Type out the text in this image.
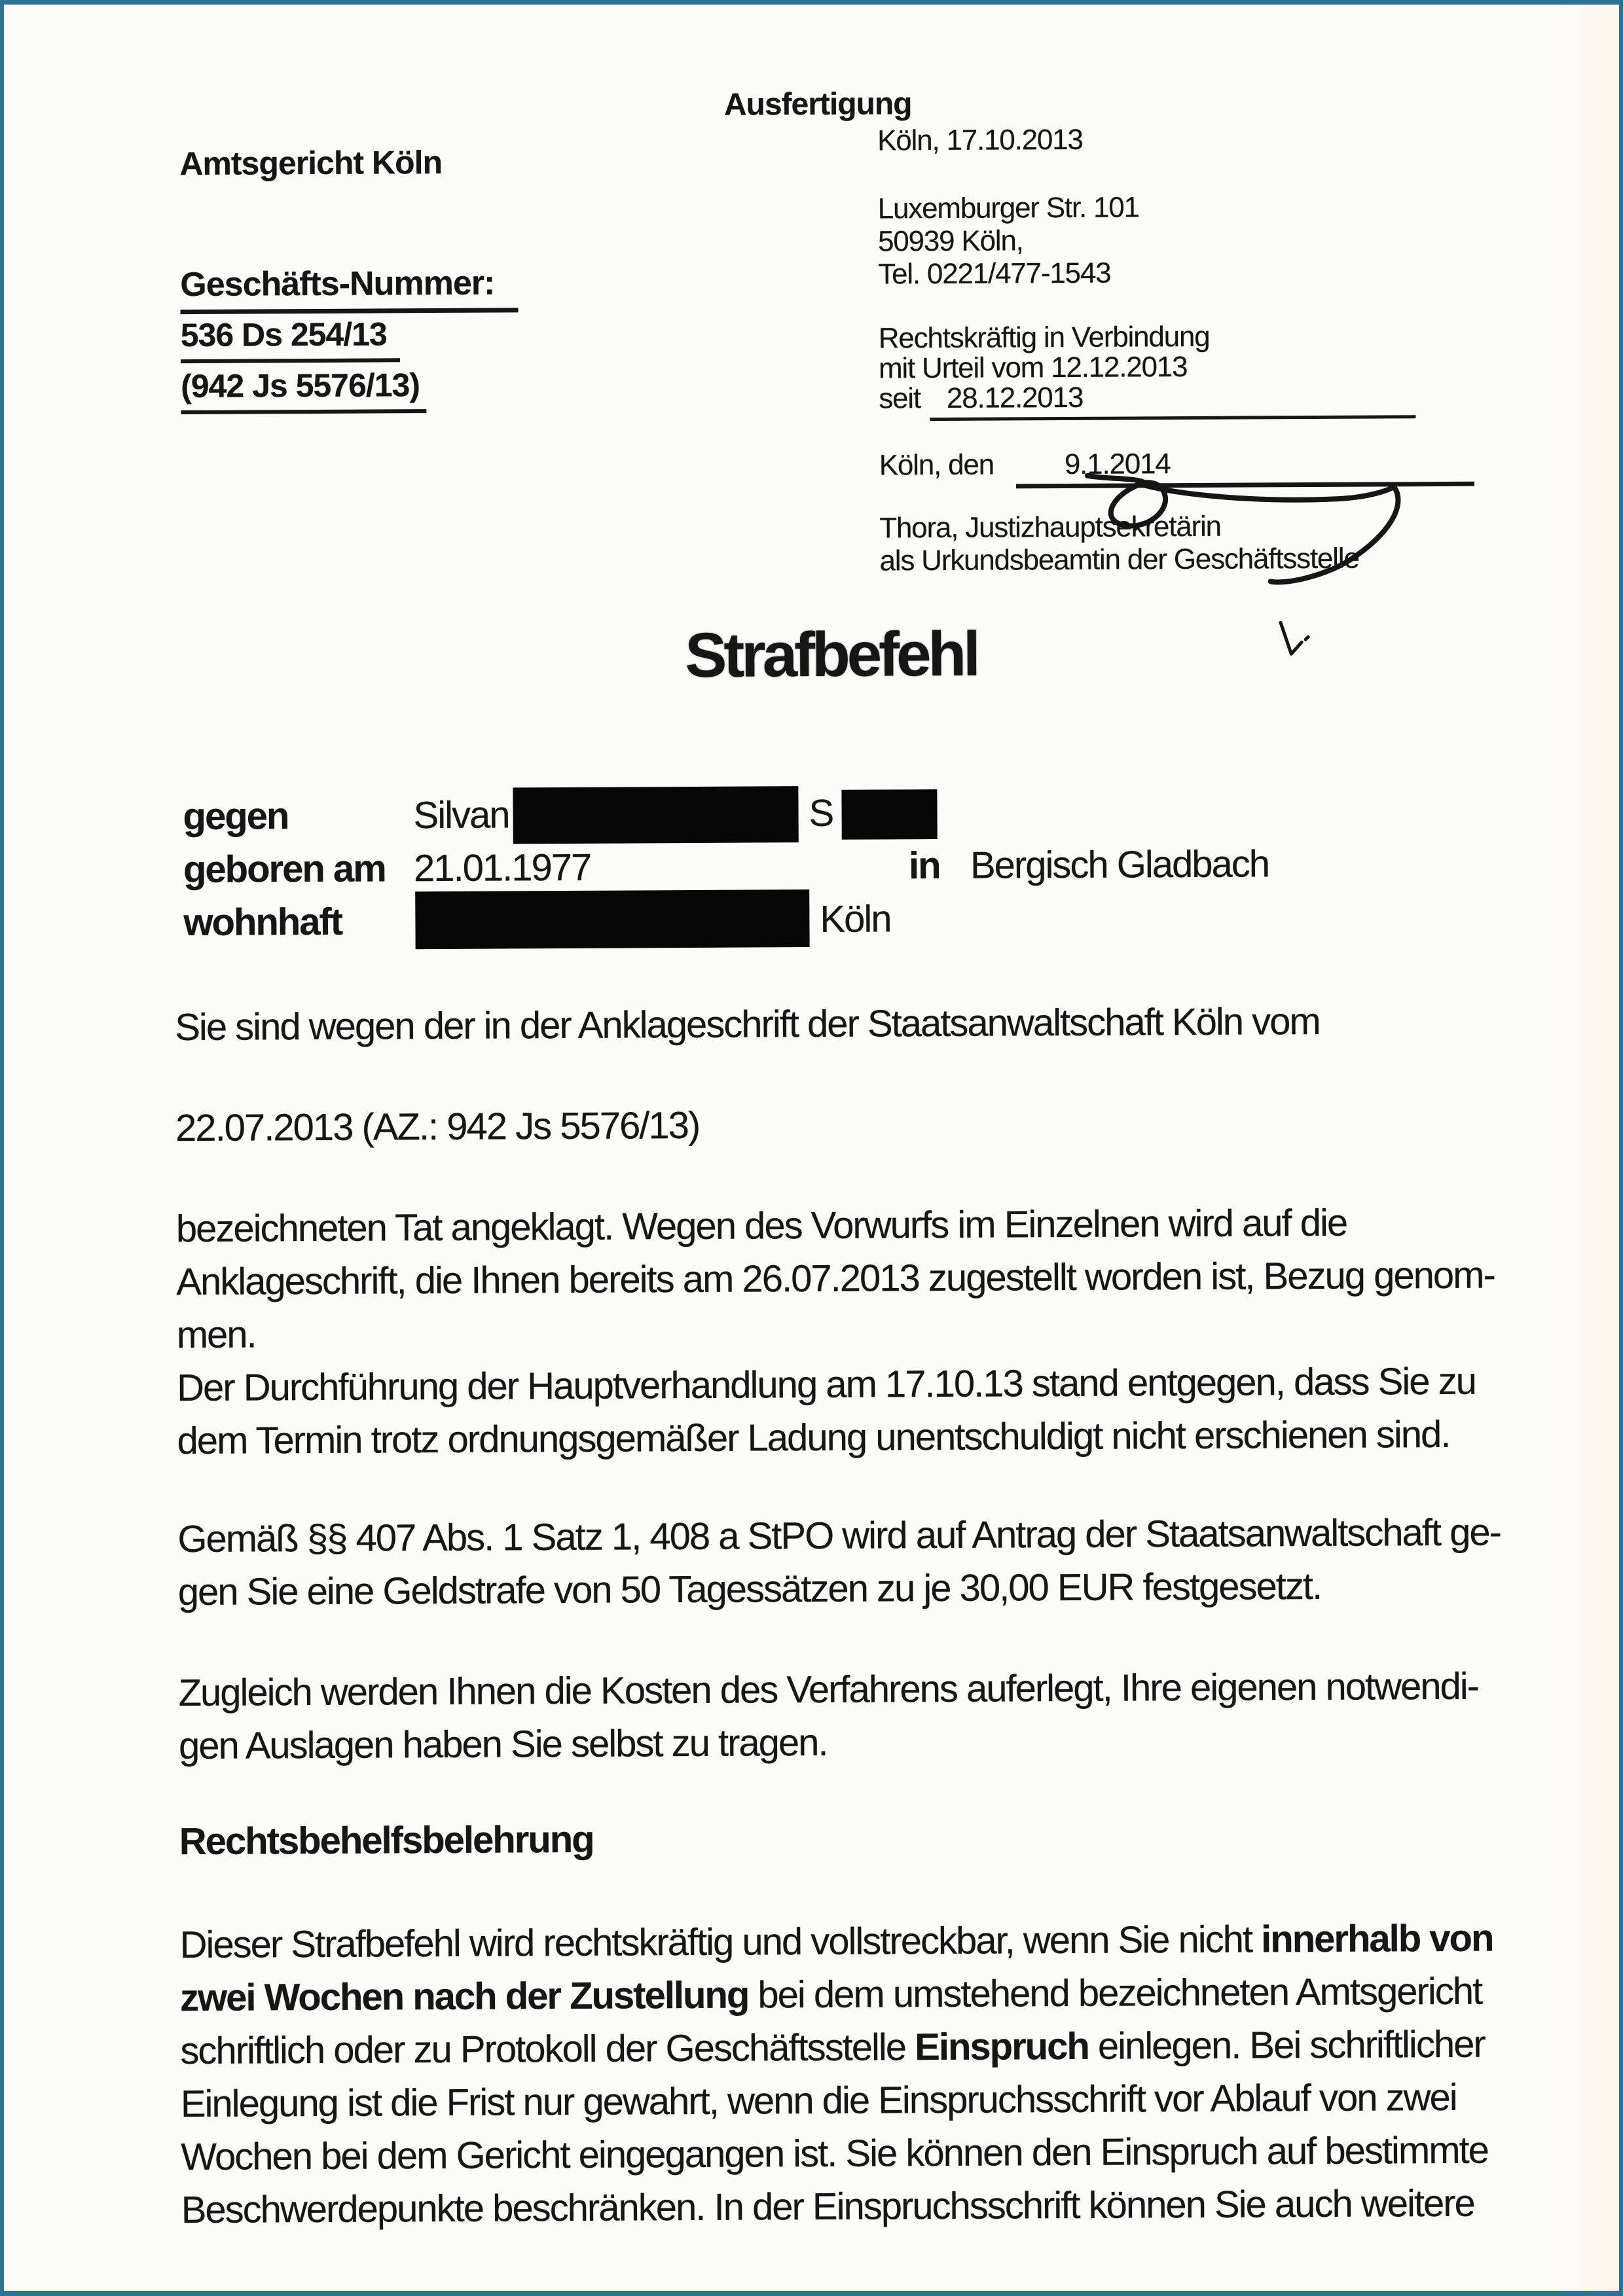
Ausfertigung
Köln, 17.10.2013
Amtsgericht Köln
Luxemburger Str. 101
50939 Köln,
Tel. 0221/477-1543
Geschäfts-Nummer:
536 Ds 254/13
(942 Js 5576/13)
Rechtskräftig in Verbindung
mit Urteil vom 12.12.2013
seit 28.12.2013
Köln, den 9.1.2014
Thora, Justizhauptsekretärin
als Urkundsbeamtin der Geschäftsstelle
Strafbefehl
gegen	Silvan	S
geboren am 21.01.1977	in Bergisch Gladbach
wohnhaft	Köln
Sie sind wegen der in der Anklageschrift der Staatsanwaltschaft Köln vom
22.07.2013 (AZ.: 942 Js 5576/13)
bezeichneten Tat angeklagt. Wegen des Vorwurfs im Einzelnen wird auf die
Anklageschrift, die Ihnen bereits am 26.07.2013 zugestellt worden ist, Bezug genom-
men.
Der Durchführung der Hauptverhandlung am 17.10.13 stand entgegen, dass Sie zu
dem Termin trotz ordnungsgemäßer Ladung unentschuldigt nicht erschienen sind.
Gemäß §§ 407 Abs. 1 Satz 1, 408 a StPO wird auf Antrag der Staatsanwaltschaft ge-
gen Sie eine Geldstrafe von 50 Tagessätzen zu je 30,00 EUR festgesetzt.
Zugleich werden Ihnen die Kosten des Verfahrens auferlegt, Ihre eigenen notwendi-
gen Auslagen haben Sie selbst zu tragen.
Rechtsbehelfsbelehrung
Dieser Strafbefehl wird rechtskräftig und vollstreckbar, wenn Sie nicht innerhalb von
zwei Wochen nach der Zustellung bei dem umstehend bezeichneten Amtsgericht
schriftlich oder zu Protokoll der Geschäftsstelle Einspruch einlegen. Bei schriftlicher
Einlegung ist die Frist nur gewahrt, wenn die Einspruchsschrift vor Ablauf von zwei
Wochen bei dem Gericht eingegangen ist. Sie können den Einspruch auf bestimmte
Beschwerdepunkte beschränken. In der Einspruchsschrift können Sie auch weitere
